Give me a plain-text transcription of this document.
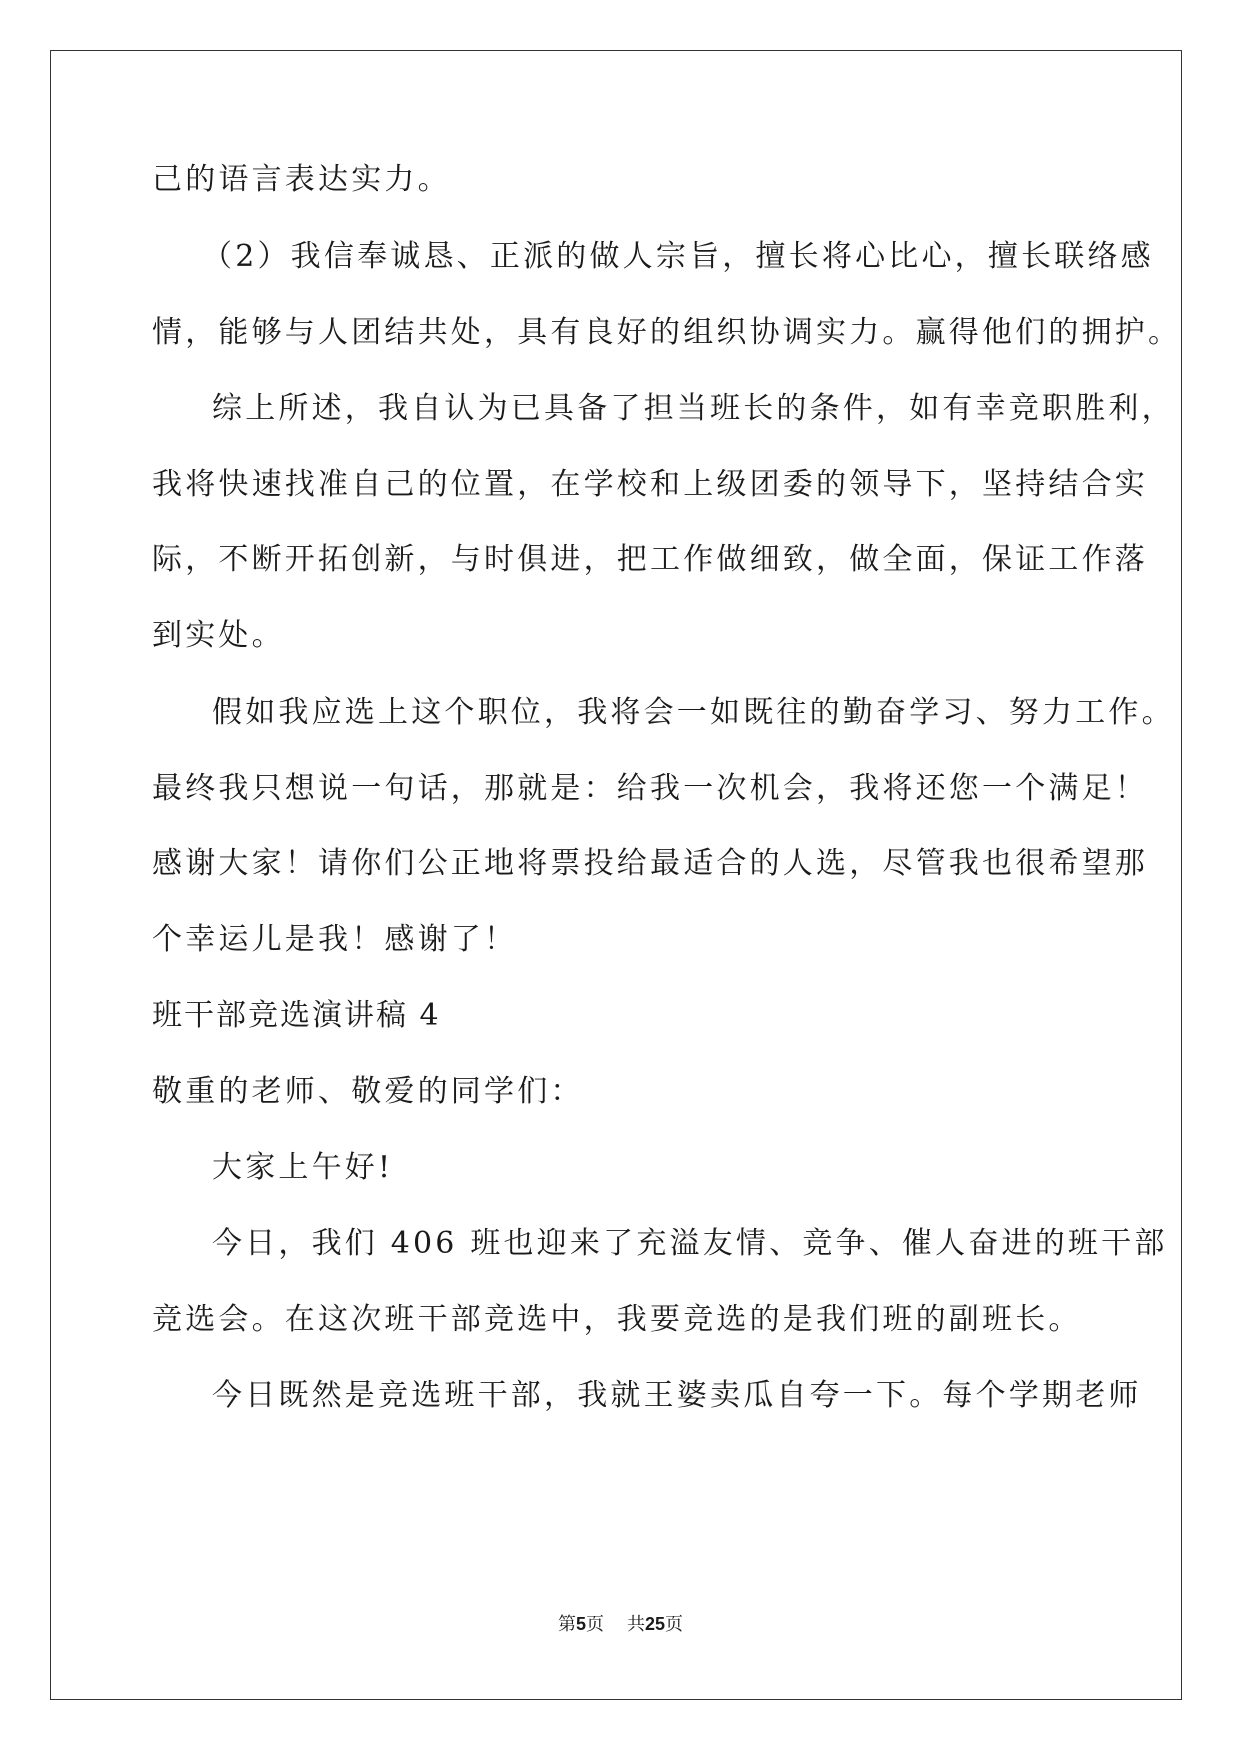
己的语言表达实力。
（2）我信奉诚恳、正派的做人宗旨，擅长将心比心，擅长联络感
情，能够与人团结共处，具有良好的组织协调实力。赢得他们的拥护。
综上所述，我自认为已具备了担当班长的条件，如有幸竞职胜利，
我将快速找准自己的位置，在学校和上级团委的领导下，坚持结合实
际，不断开拓创新，与时俱进，把工作做细致，做全面，保证工作落
到实处。
假如我应选上这个职位，我将会一如既往的勤奋学习、努力工作。
最终我只想说一句话，那就是：给我一次机会，我将还您一个满足！
感谢大家！请你们公正地将票投给最适合的人选，尽管我也很希望那
个幸运儿是我！感谢了！
班干部竞选演讲稿 4
敬重的老师、敬爱的同学们：
大家上午好!
今日，我们 406 班也迎来了充溢友情、竞争、催人奋进的班干部
竞选会。在这次班干部竞选中，我要竞选的是我们班的副班长。
今日既然是竞选班干部，我就王婆卖瓜自夸一下。每个学期老师
第5页 共25页
